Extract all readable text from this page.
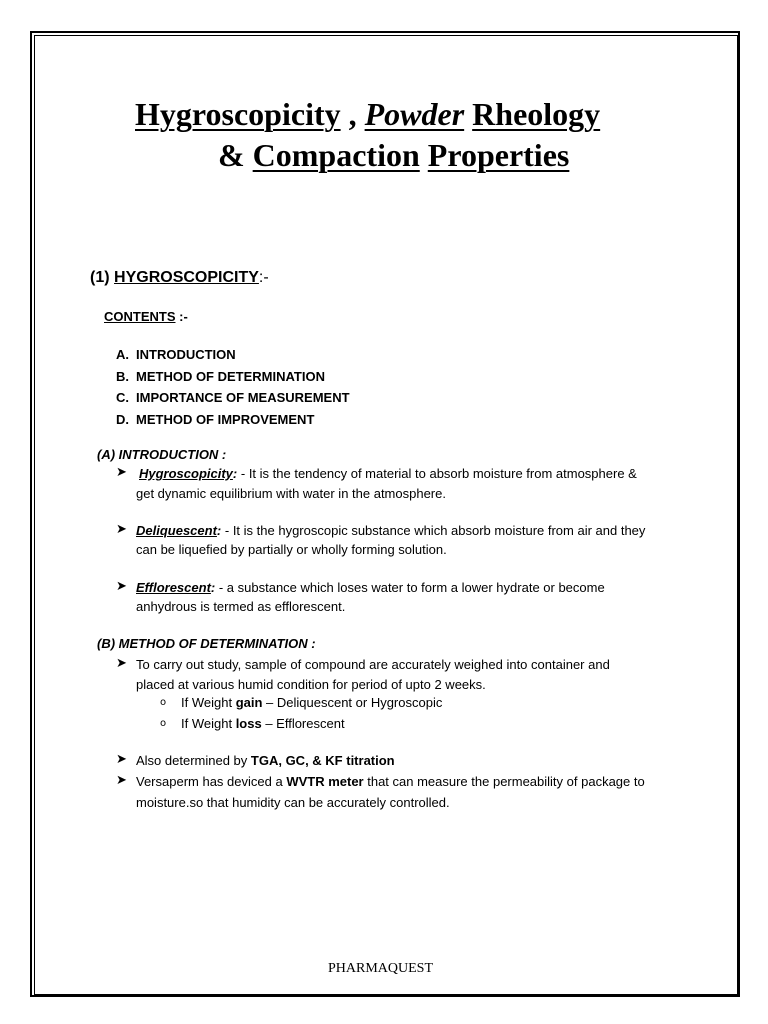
Hygroscopicity , Powder Rheology
& Compaction Properties
(1) HYGROSCOPICITY:-
CONTENTS :-
A. INTRODUCTION
B. METHOD OF DETERMINATION
C. IMPORTANCE OF MEASUREMENT
D. METHOD OF IMPROVEMENT
(A) INTRODUCTION :
➤ Hygroscopicity: - It is the tendency of material to absorb moisture from atmosphere &
get dynamic equilibrium with water in the atmosphere.
➤ Deliquescent: - It is the hygroscopic substance which absorb moisture from air and they
can be liquefied by partially or wholly forming solution.
➤ Efflorescent: - a substance which loses water to form a lower hydrate or become
anhydrous is termed as efflorescent.
(B) METHOD OF DETERMINATION :
➤ To carry out study, sample of compound are accurately weighed into container and
placed at various humid condition for period of upto 2 weeks.
o If Weight gain – Deliquescent or Hygroscopic
o If Weight loss – Efflorescent
➤ Also determined by TGA, GC, & KF titration
➤ Versaperm has deviced a WVTR meter that can measure the permeability of package to
moisture.so that humidity can be accurately controlled.
PHARMAQUEST
